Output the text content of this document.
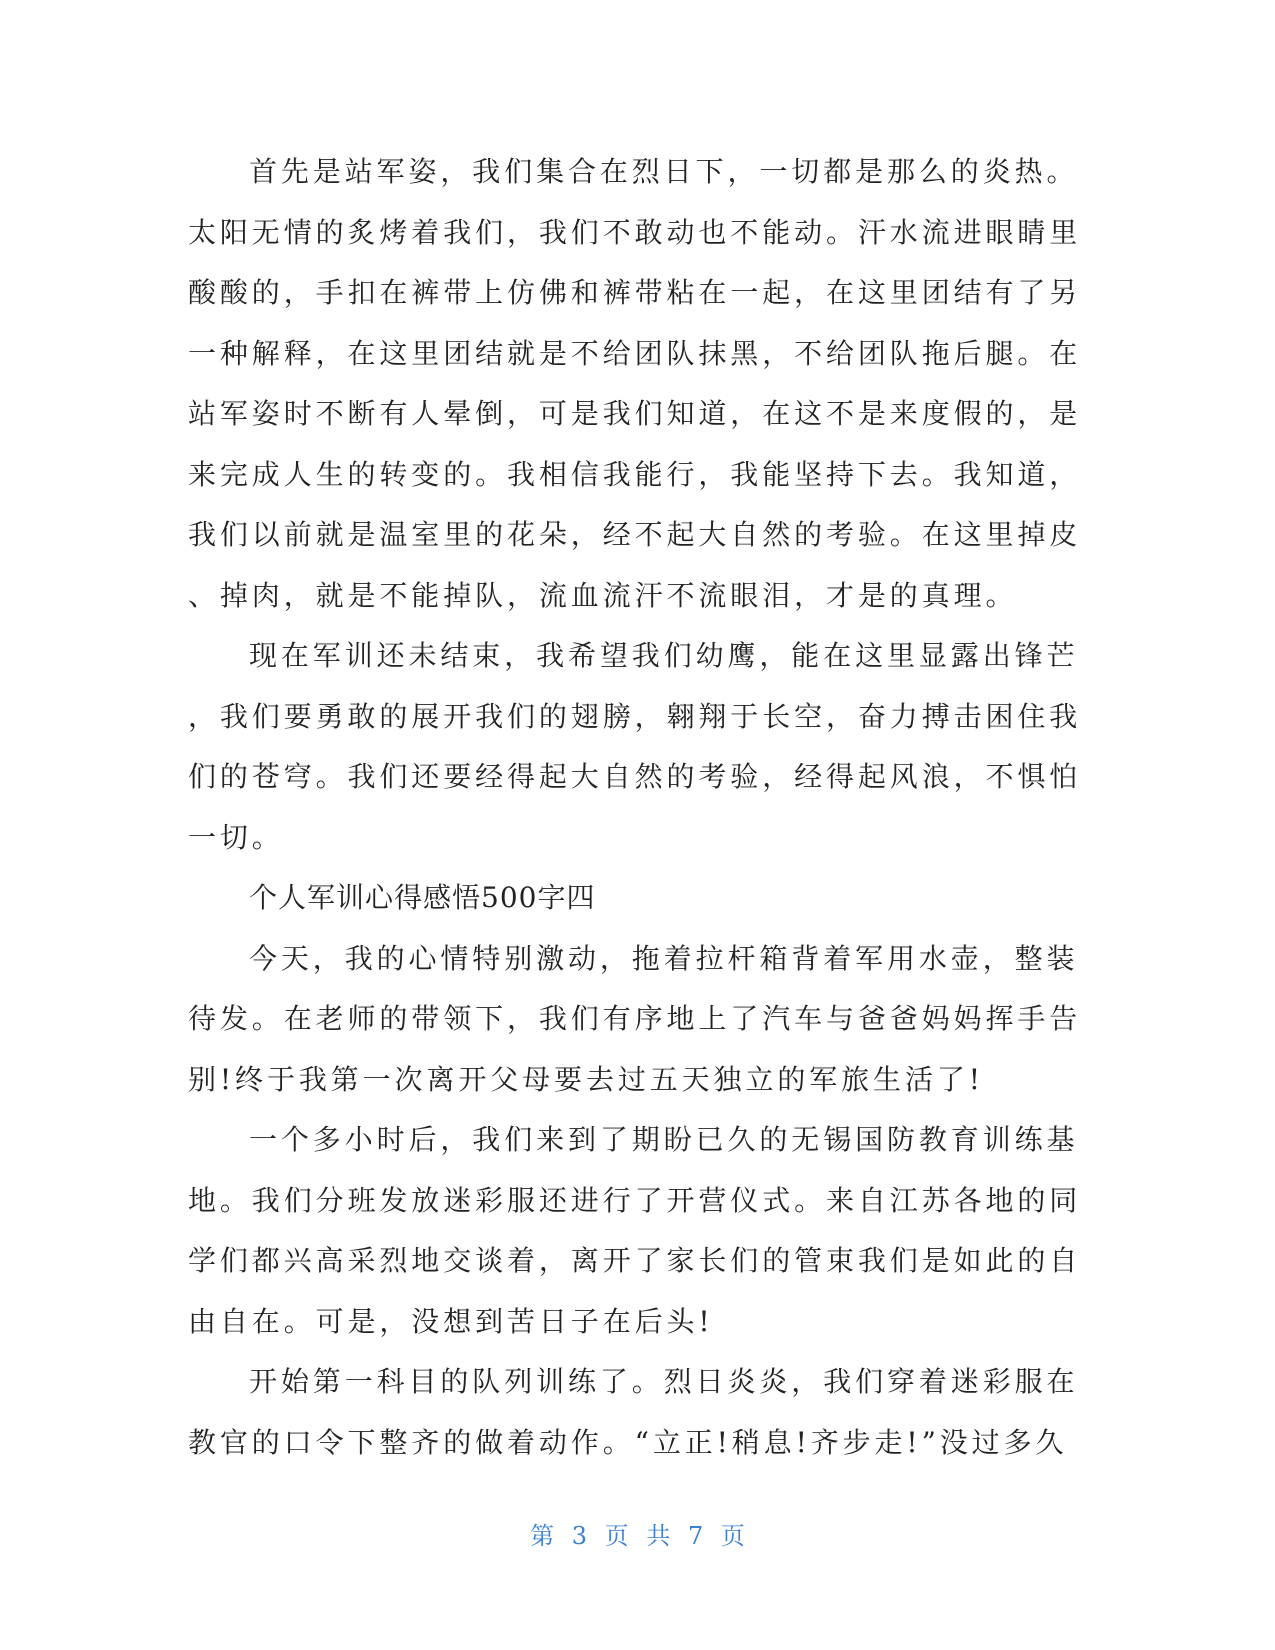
首先是站军姿，我们集合在烈日下，一切都是那么的炎热。
太阳无情的炙烤着我们，我们不敢动也不能动。汗水流进眼睛里
酸酸的，手扣在裤带上仿佛和裤带粘在一起，在这里团结有了另
一种解释，在这里团结就是不给团队抹黑，不给团队拖后腿。在
站军姿时不断有人晕倒，可是我们知道，在这不是来度假的，是
来完成人生的转变的。我相信我能行，我能坚持下去。我知道，
我们以前就是温室里的花朵，经不起大自然的考验。在这里掉皮
、掉肉，就是不能掉队，流血流汗不流眼泪，才是的真理。
现在军训还未结束，我希望我们幼鹰，能在这里显露出锋芒
，我们要勇敢的展开我们的翅膀，翱翔于长空，奋力搏击困住我
们的苍穹。我们还要经得起大自然的考验，经得起风浪，不惧怕
一切。
个人军训心得感悟500字四
今天，我的心情特别激动，拖着拉杆箱背着军用水壶，整装
待发。在老师的带领下，我们有序地上了汽车与爸爸妈妈挥手告
别!终于我第一次离开父母要去过五天独立的军旅生活了!
一个多小时后，我们来到了期盼已久的无锡国防教育训练基
地。我们分班发放迷彩服还进行了开营仪式。来自江苏各地的同
学们都兴高采烈地交谈着，离开了家长们的管束我们是如此的自
由自在。可是，没想到苦日子在后头!
开始第一科目的队列训练了。烈日炎炎，我们穿着迷彩服在
教官的口令下整齐的做着动作。“立正!稍息!齐步走!”没过多久
第 3 页 共 7 页
